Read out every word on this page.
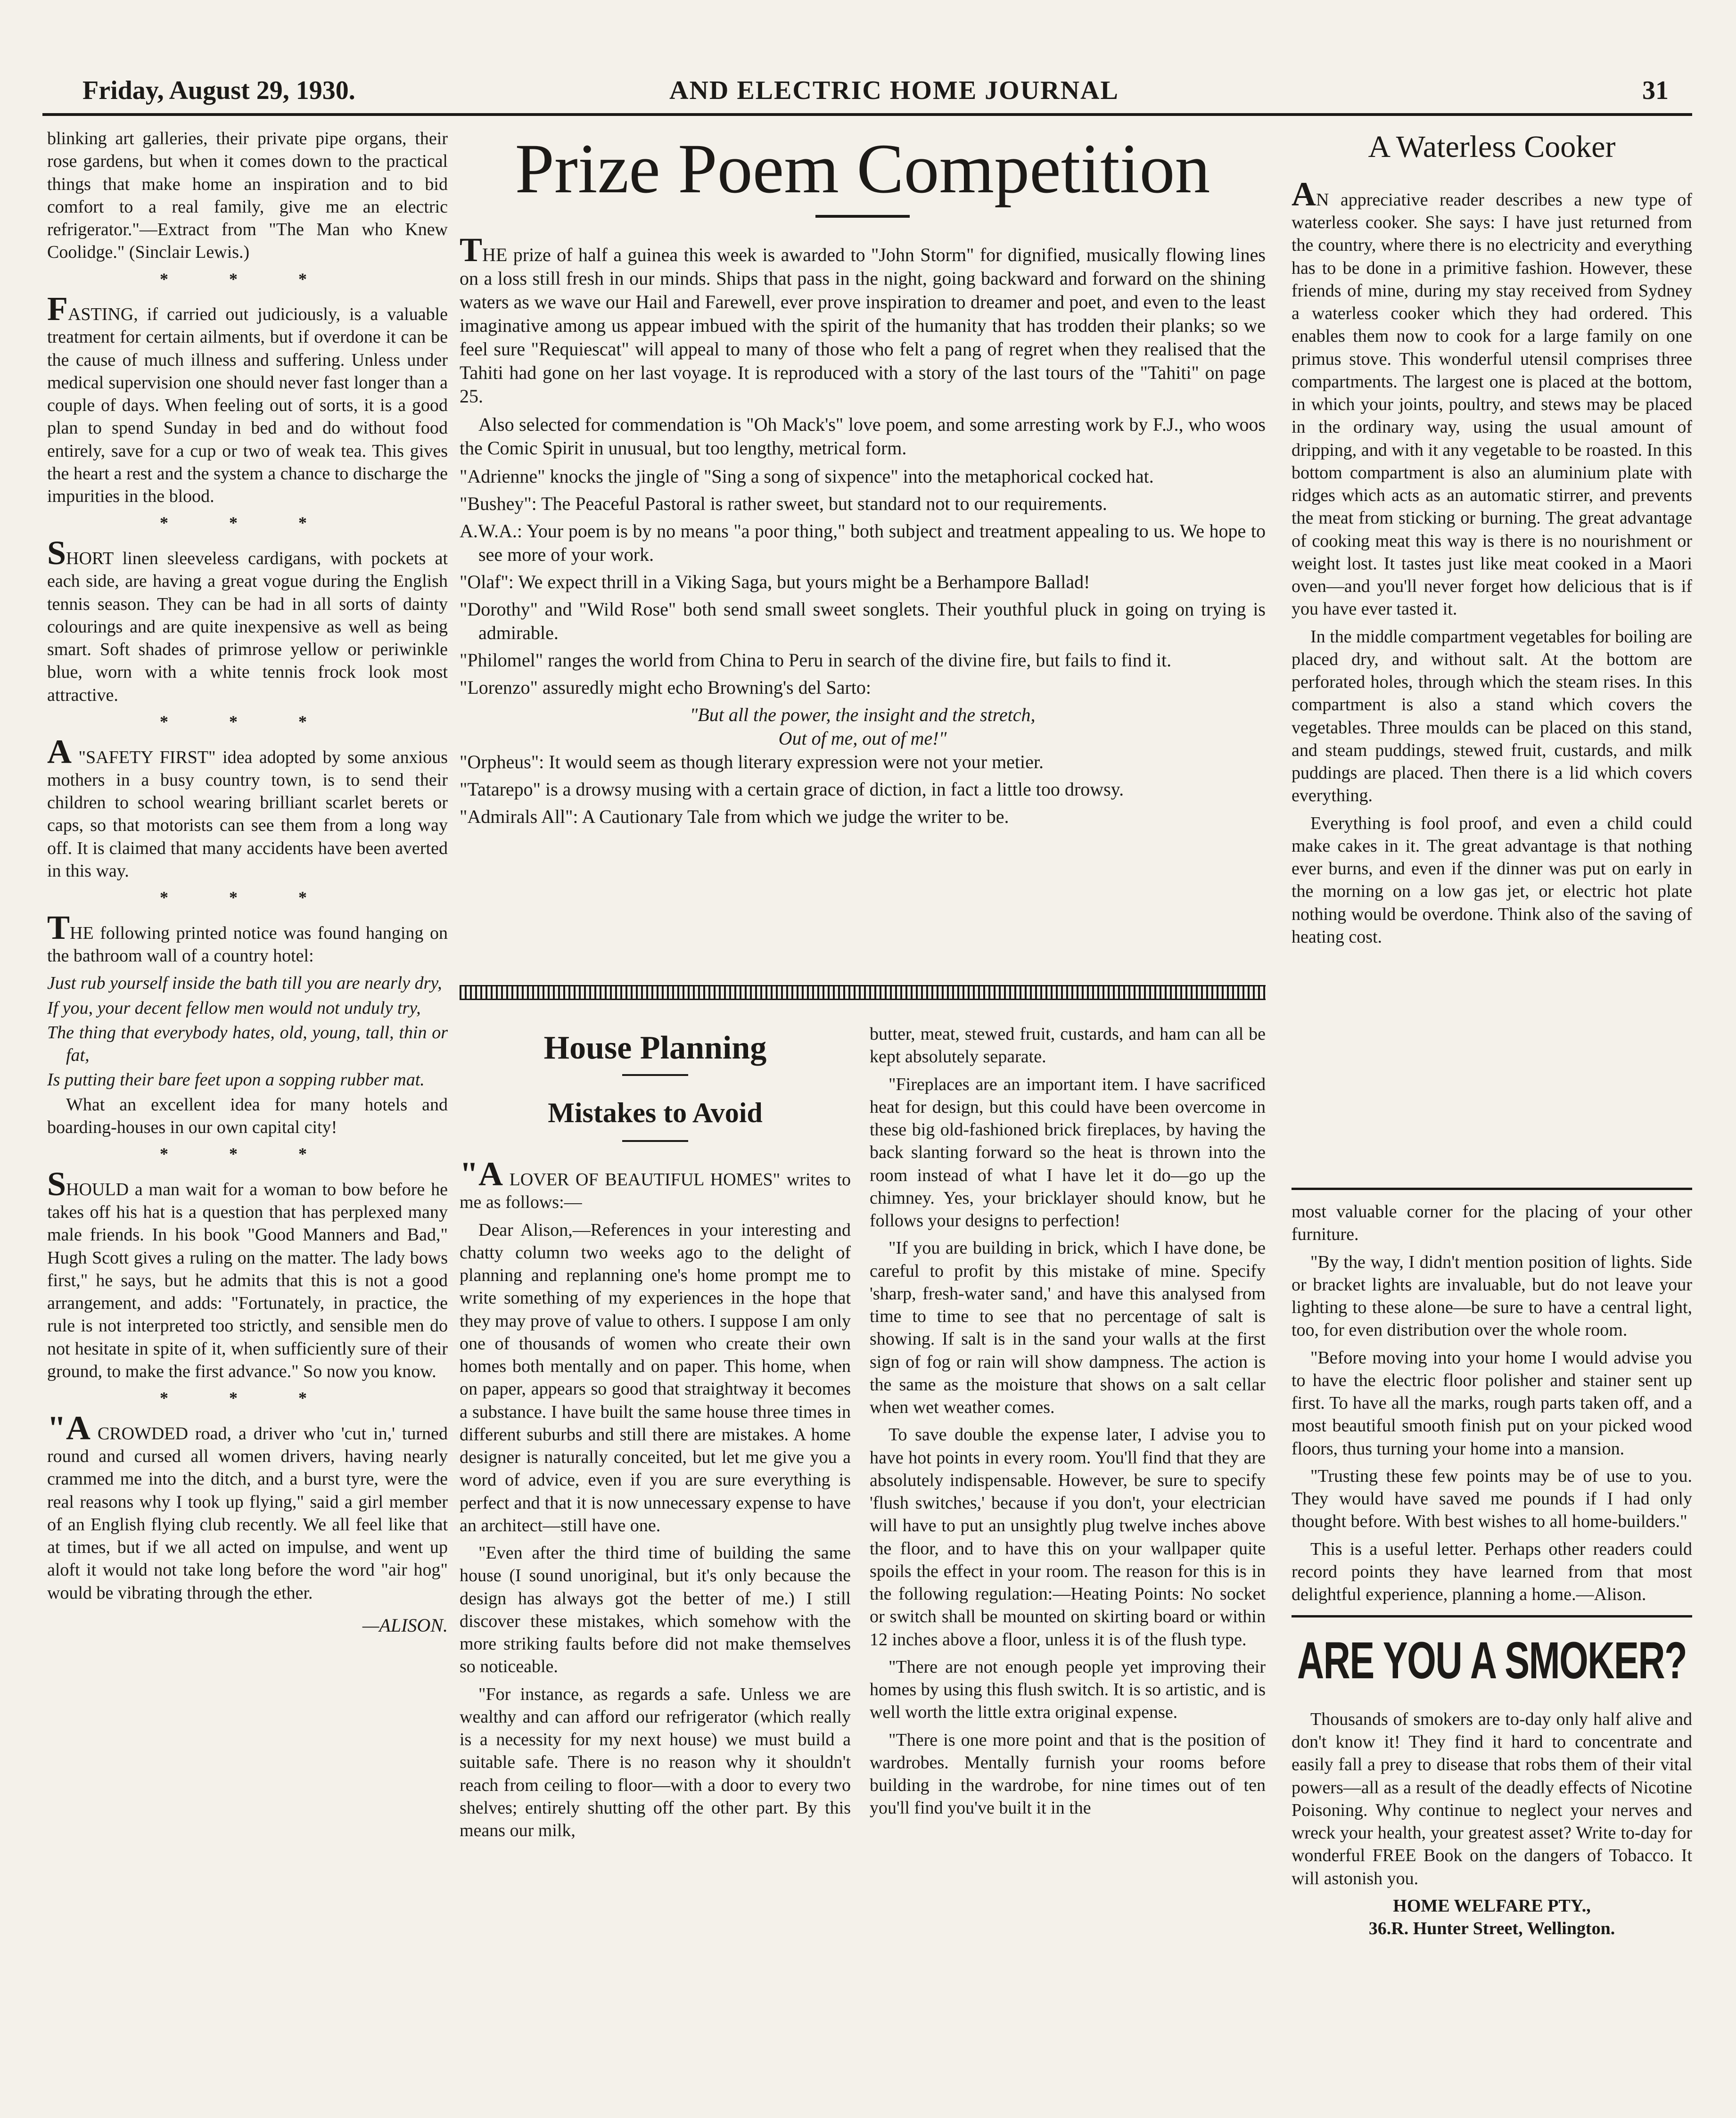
Friday, August 29, 1930.	AND ELECTRIC HOME JOURNAL	31

blinking art galleries, their private pipe organs, their rose gardens, but when it comes down to the practical things that make home an inspiration and to bid comfort to a real family, give me an electric refrigerator."—Extract from "The Man who Knew Coolidge." (Sinclair Lewis.)

* * *

FASTING, if carried out judiciously, is a valuable treatment for certain ailments, but if overdone it can be the cause of much illness and suffering. Unless under medical supervision one should never fast longer than a couple of days. When feeling out of sorts, it is a good plan to spend Sunday in bed and do without food entirely, save for a cup or two of weak tea. This gives the heart a rest and the system a chance to discharge the impurities in the blood.

* * *

SHORT linen sleeveless cardigans, with pockets at each side, are having a great vogue during the English tennis season. They can be had in all sorts of dainty colourings and are quite inexpensive as well as being smart. Soft shades of primrose yellow or periwinkle blue, worn with a white tennis frock look most attractive.

* * *

A "SAFETY FIRST" idea adopted by some anxious mothers in a busy country town, is to send their children to school wearing brilliant scarlet berets or caps, so that motorists can see them from a long way off. It is claimed that many accidents have been averted in this way.

* * *

THE following printed notice was found hanging on the bathroom wall of a country hotel:

Just rub yourself inside the bath till you are nearly dry,

If you, your decent fellow men would not unduly try,

The thing that everybody hates, old, young, tall, thin or fat,

Is putting their bare feet upon a sopping rubber mat.

What an excellent idea for many hotels and boarding-houses in our own capital city!

* * *

SHOULD a man wait for a woman to bow before he takes off his hat is a question that has perplexed many male friends. In his book "Good Manners and Bad," Hugh Scott gives a ruling on the matter. The lady bows first," he says, but he admits that this is not a good arrangement, and adds: "Fortunately, in practice, the rule is not interpreted too strictly, and sensible men do not hesitate in spite of it, when sufficiently sure of their ground, to make the first advance." So now you know.

* * *

"A CROWDED road, a driver who 'cut in,' turned round and cursed all women drivers, having nearly crammed me into the ditch, and a burst tyre, were the real reasons why I took up flying," said a girl member of an English flying club recently. We all feel like that at times, but if we all acted on impulse, and went up aloft it would not take long before the word "air hog" would be vibrating through the ether.

—ALISON.
Prize Poem Competition

THE prize of half a guinea this week is awarded to "John Storm" for dignified, musically flowing lines on a loss still fresh in our minds. Ships that pass in the night, going backward and forward on the shining waters as we wave our Hail and Farewell, ever prove inspiration to dreamer and poet, and even to the least imaginative among us appear imbued with the spirit of the humanity that has trodden their planks; so we feel sure "Requiescat" will appeal to many of those who felt a pang of regret when they realised that the Tahiti had gone on her last voyage. It is reproduced with a story of the last tours of the "Tahiti" on page 25.

Also selected for commendation is "Oh Mack's" love poem, and some arresting work by F.J., who woos the Comic Spirit in unusual, but too lengthy, metrical form.

"Adrienne" knocks the jingle of "Sing a song of sixpence" into the metaphorical cocked hat.

"Bushey": The Peaceful Pastoral is rather sweet, but standard not to our requirements.

A.W.A.: Your poem is by no means "a poor thing," both subject and treatment appealing to us. We hope to see more of your work.

"Olaf": We expect thrill in a Viking Saga, but yours might be a Berhampore Ballad!

"Dorothy" and "Wild Rose" both send small sweet songlets. Their youthful pluck in going on trying is admirable.

"Philomel" ranges the world from China to Peru in search of the divine fire, but fails to find it.

"Lorenzo" assuredly might echo Browning's del Sarto:

"But all the power, the insight and the stretch,

Out of me, out of me!"

"Orpheus": It would seem as though literary expression were not your metier.

"Tatarepo" is a drowsy musing with a certain grace of diction, in fact a little too drowsy.

"Admirals All": A Cautionary Tale from which we judge the writer to be.

House Planning
Mistakes to Avoid

"A LOVER OF BEAUTIFUL HOMES" writes to me as follows:—

Dear Alison,—References in your interesting and chatty column two weeks ago to the delight of planning and replanning one's home prompt me to write something of my experiences in the hope that they may prove of value to others. I suppose I am only one of thousands of women who create their own homes both mentally and on paper. This home, when on paper, appears so good that straightway it becomes a substance. I have built the same house three times in different suburbs and still there are mistakes. A home designer is naturally conceited, but let me give you a word of advice, even if you are sure everything is perfect and that it is now unnecessary expense to have an architect—still have one.

"Even after the third time of building the same house (I sound unoriginal, but it's only because the design has always got the better of me.) I still discover these mistakes, which somehow with the more striking faults before did not make themselves so noticeable.

"For instance, as regards a safe. Unless we are wealthy and can afford our refrigerator (which really is a necessity for my next house) we must build a suitable safe. There is no reason why it shouldn't reach from ceiling to floor—with a door to every two shelves; entirely shutting off the other part. By this means our milk,

butter, meat, stewed fruit, custards, and ham can all be kept absolutely separate.

"Fireplaces are an important item. I have sacrificed heat for design, but this could have been overcome in these big old-fashioned brick fireplaces, by having the back slanting forward so the heat is thrown into the room instead of what I have let it do—go up the chimney. Yes, your bricklayer should know, but he follows your designs to perfection!

"If you are building in brick, which I have done, be careful to profit by this mistake of mine. Specify 'sharp, fresh-water sand,' and have this analysed from time to time to see that no percentage of salt is showing. If salt is in the sand your walls at the first sign of fog or rain will show dampness. The action is the same as the moisture that shows on a salt cellar when wet weather comes.

To save double the expense later, I advise you to have hot points in every room. You'll find that they are absolutely indispensable. However, be sure to specify 'flush switches,' because if you don't, your electrician will have to put an unsightly plug twelve inches above the floor, and to have this on your wallpaper quite spoils the effect in your room. The reason for this is in the following regulation:—Heating Points: No socket or switch shall be mounted on skirting board or within 12 inches above a floor, unless it is of the flush type.

"There are not enough people yet improving their homes by using this flush switch. It is so artistic, and is well worth the little extra original expense.

"There is one more point and that is the position of wardrobes. Mentally furnish your rooms before building in the wardrobe, for nine times out of ten you'll find you've built it in the

A Waterless Cooker

AN appreciative reader describes a new type of waterless cooker. She says: I have just returned from the country, where there is no electricity and everything has to be done in a primitive fashion. However, these friends of mine, during my stay received from Sydney a waterless cooker which they had ordered. This enables them now to cook for a large family on one primus stove. This wonderful utensil comprises three compartments. The largest one is placed at the bottom, in which your joints, poultry, and stews may be placed in the ordinary way, using the usual amount of dripping, and with it any vegetable to be roasted. In this bottom compartment is also an aluminium plate with ridges which acts as an automatic stirrer, and prevents the meat from sticking or burning. The great advantage of cooking meat this way is there is no nourishment or weight lost. It tastes just like meat cooked in a Maori oven—and you'll never forget how delicious that is if you have ever tasted it.

In the middle compartment vegetables for boiling are placed dry, and without salt. At the bottom are perforated holes, through which the steam rises. In this compartment is also a stand which covers the vegetables. Three moulds can be placed on this stand, and steam puddings, stewed fruit, custards, and milk puddings are placed. Then there is a lid which covers everything.

Everything is fool proof, and even a child could make cakes in it. The great advantage is that nothing ever burns, and even if the dinner was put on early in the morning on a low gas jet, or electric hot plate nothing would be overdone. Think also of the saving of heating cost.

most valuable corner for the placing of your other furniture.

"By the way, I didn't mention position of lights. Side or bracket lights are invaluable, but do not leave your lighting to these alone—be sure to have a central light, too, for even distribution over the whole room.

"Before moving into your home I would advise you to have the electric floor polisher and stainer sent up first. To have all the marks, rough parts taken off, and a most beautiful smooth finish put on your picked wood floors, thus turning your home into a mansion.

"Trusting these few points may be of use to you. They would have saved me pounds if I had only thought before. With best wishes to all home-builders."

This is a useful letter. Perhaps other readers could record points they have learned from that most delightful experience, planning a home.—Alison.

ARE YOU A SMOKER?

Thousands of smokers are to-day only half alive and don't know it! They find it hard to concentrate and easily fall a prey to disease that robs them of their vital powers—all as a result of the deadly effects of Nicotine Poisoning. Why continue to neglect your nerves and wreck your health, your greatest asset? Write to-day for wonderful FREE Book on the dangers of Tobacco. It will astonish you.

HOME WELFARE PTY.,

36.R. Hunter Street, Wellington.
